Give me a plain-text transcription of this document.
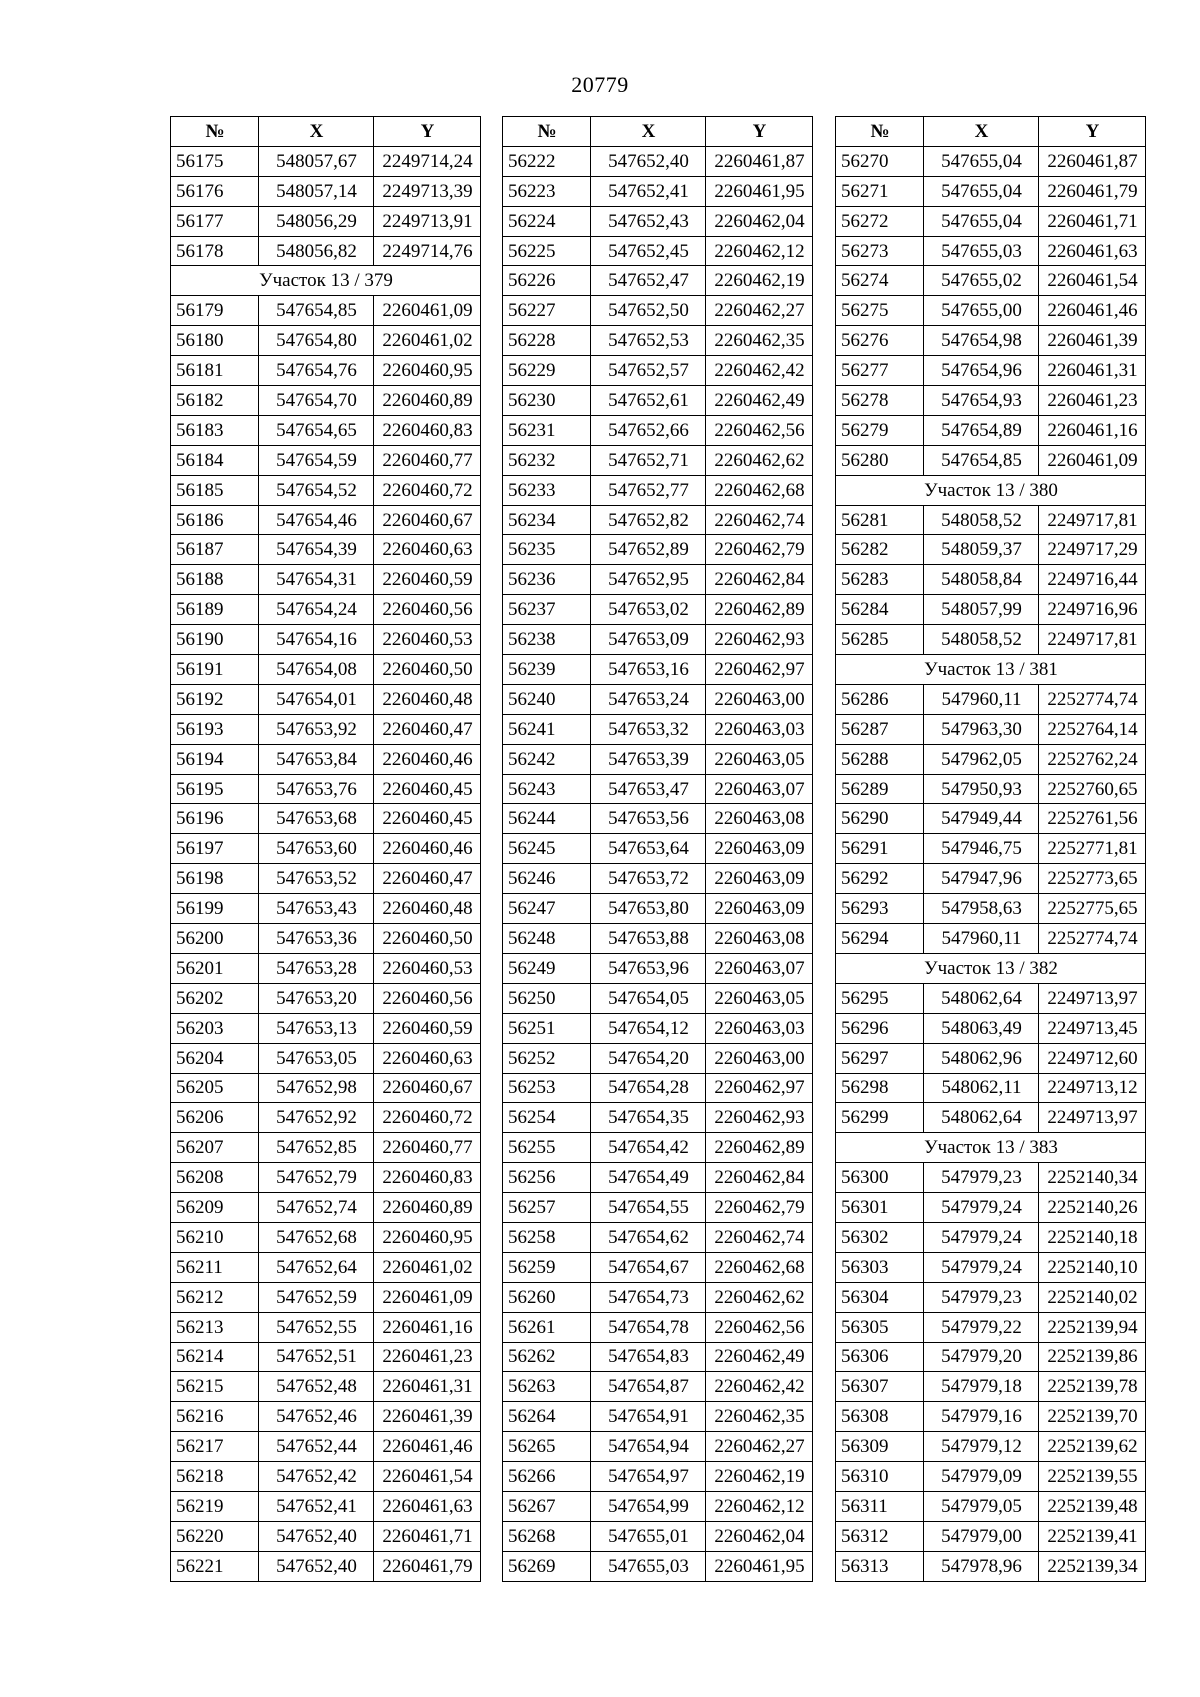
20779
№	X	Y
56175	548057,67	2249714,24
56176	548057,14	2249713,39
56177	548056,29	2249713,91
56178	548056,82	2249714,76
Участок 13 / 379		
56179	547654,85	2260461,09
56180	547654,80	2260461,02
56181	547654,76	2260460,95
56182	547654,70	2260460,89
56183	547654,65	2260460,83
56184	547654,59	2260460,77
56185	547654,52	2260460,72
56186	547654,46	2260460,67
56187	547654,39	2260460,63
56188	547654,31	2260460,59
56189	547654,24	2260460,56
56190	547654,16	2260460,53
56191	547654,08	2260460,50
56192	547654,01	2260460,48
56193	547653,92	2260460,47
56194	547653,84	2260460,46
56195	547653,76	2260460,45
56196	547653,68	2260460,45
56197	547653,60	2260460,46
56198	547653,52	2260460,47
56199	547653,43	2260460,48
56200	547653,36	2260460,50
56201	547653,28	2260460,53
56202	547653,20	2260460,56
56203	547653,13	2260460,59
56204	547653,05	2260460,63
56205	547652,98	2260460,67
56206	547652,92	2260460,72
56207	547652,85	2260460,77
56208	547652,79	2260460,83
56209	547652,74	2260460,89
56210	547652,68	2260460,95
56211	547652,64	2260461,02
56212	547652,59	2260461,09
56213	547652,55	2260461,16
56214	547652,51	2260461,23
56215	547652,48	2260461,31
56216	547652,46	2260461,39
56217	547652,44	2260461,46
56218	547652,42	2260461,54
56219	547652,41	2260461,63
56220	547652,40	2260461,71
56221	547652,40	2260461,79
№	X	Y
56222	547652,40	2260461,87
56223	547652,41	2260461,95
56224	547652,43	2260462,04
56225	547652,45	2260462,12
56226	547652,47	2260462,19
56227	547652,50	2260462,27
56228	547652,53	2260462,35
56229	547652,57	2260462,42
56230	547652,61	2260462,49
56231	547652,66	2260462,56
56232	547652,71	2260462,62
56233	547652,77	2260462,68
56234	547652,82	2260462,74
56235	547652,89	2260462,79
56236	547652,95	2260462,84
56237	547653,02	2260462,89
56238	547653,09	2260462,93
56239	547653,16	2260462,97
56240	547653,24	2260463,00
56241	547653,32	2260463,03
56242	547653,39	2260463,05
56243	547653,47	2260463,07
56244	547653,56	2260463,08
56245	547653,64	2260463,09
56246	547653,72	2260463,09
56247	547653,80	2260463,09
56248	547653,88	2260463,08
56249	547653,96	2260463,07
56250	547654,05	2260463,05
56251	547654,12	2260463,03
56252	547654,20	2260463,00
56253	547654,28	2260462,97
56254	547654,35	2260462,93
56255	547654,42	2260462,89
56256	547654,49	2260462,84
56257	547654,55	2260462,79
56258	547654,62	2260462,74
56259	547654,67	2260462,68
56260	547654,73	2260462,62
56261	547654,78	2260462,56
56262	547654,83	2260462,49
56263	547654,87	2260462,42
56264	547654,91	2260462,35
56265	547654,94	2260462,27
56266	547654,97	2260462,19
56267	547654,99	2260462,12
56268	547655,01	2260462,04
56269	547655,03	2260461,95
№	X	Y
56270	547655,04	2260461,87
56271	547655,04	2260461,79
56272	547655,04	2260461,71
56273	547655,03	2260461,63
56274	547655,02	2260461,54
56275	547655,00	2260461,46
56276	547654,98	2260461,39
56277	547654,96	2260461,31
56278	547654,93	2260461,23
56279	547654,89	2260461,16
56280	547654,85	2260461,09
Участок 13 / 380		
56281	548058,52	2249717,81
56282	548059,37	2249717,29
56283	548058,84	2249716,44
56284	548057,99	2249716,96
56285	548058,52	2249717,81
Участок 13 / 381		
56286	547960,11	2252774,74
56287	547963,30	2252764,14
56288	547962,05	2252762,24
56289	547950,93	2252760,65
56290	547949,44	2252761,56
56291	547946,75	2252771,81
56292	547947,96	2252773,65
56293	547958,63	2252775,65
56294	547960,11	2252774,74
Участок 13 / 382		
56295	548062,64	2249713,97
56296	548063,49	2249713,45
56297	548062,96	2249712,60
56298	548062,11	2249713,12
56299	548062,64	2249713,97
Участок 13 / 383		
56300	547979,23	2252140,34
56301	547979,24	2252140,26
56302	547979,24	2252140,18
56303	547979,24	2252140,10
56304	547979,23	2252140,02
56305	547979,22	2252139,94
56306	547979,20	2252139,86
56307	547979,18	2252139,78
56308	547979,16	2252139,70
56309	547979,12	2252139,62
56310	547979,09	2252139,55
56311	547979,05	2252139,48
56312	547979,00	2252139,41
56313	547978,96	2252139,34
